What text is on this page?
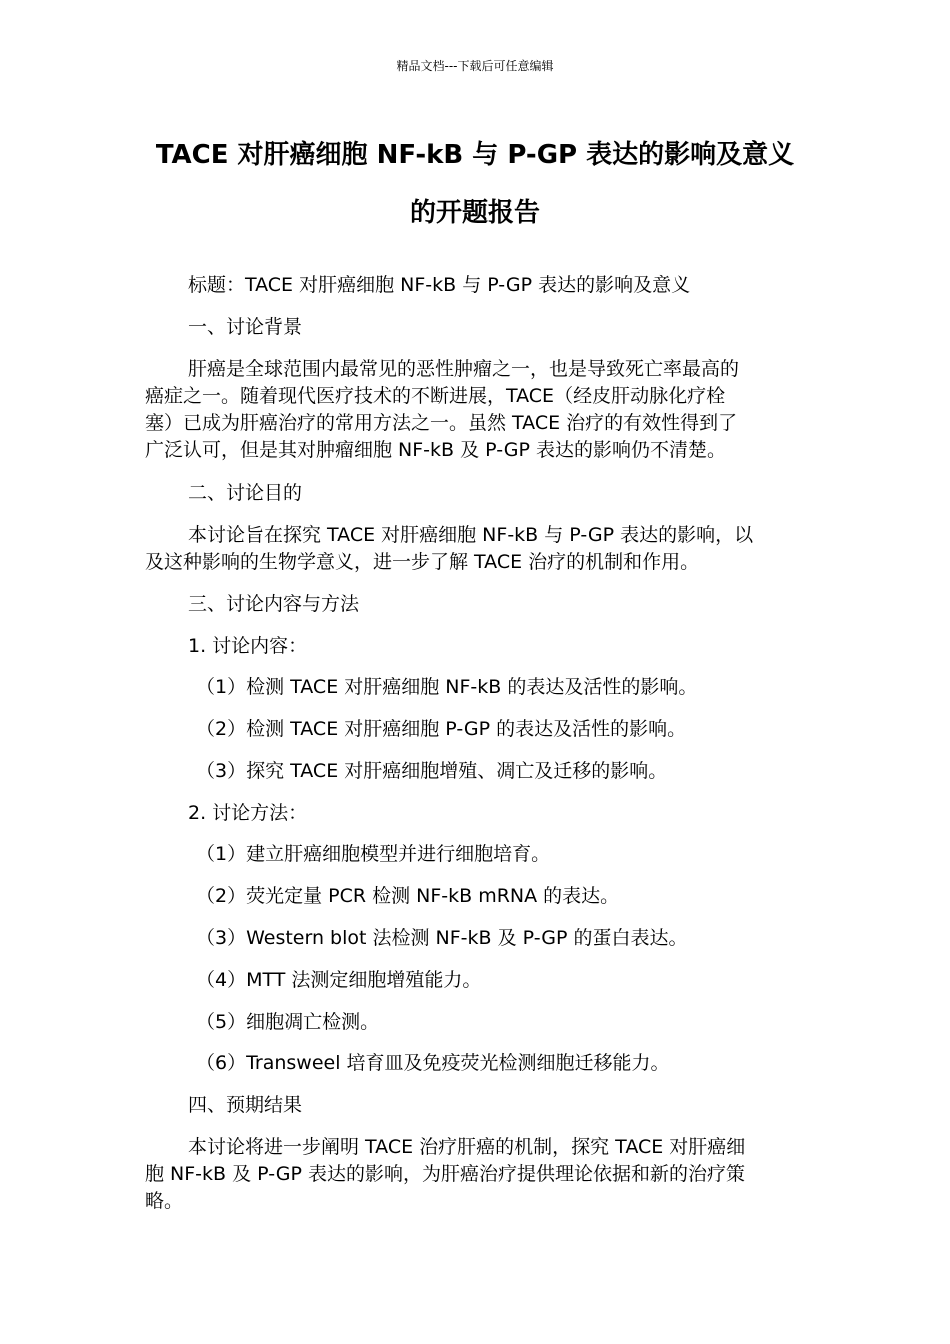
精品文档---下载后可任意编辑
TACE 对肝癌细胞 NF-kB 与 P-GP 表达的影响及意义
的开题报告
标题：TACE 对肝癌细胞 NF-kB 与 P-GP 表达的影响及意义
一、讨论背景
肝癌是全球范围内最常见的恶性肿瘤之一，也是导致死亡率最高的
癌症之一。随着现代医疗技术的不断进展，TACE（经皮肝动脉化疗栓
塞）已成为肝癌治疗的常用方法之一。虽然 TACE 治疗的有效性得到了
广泛认可，但是其对肿瘤细胞 NF-kB 及 P-GP 表达的影响仍不清楚。
二、讨论目的
本讨论旨在探究 TACE 对肝癌细胞 NF-kB 与 P-GP 表达的影响，以
及这种影响的生物学意义，进一步了解 TACE 治疗的机制和作用。
三、讨论内容与方法
1. 讨论内容：
（1）检测 TACE 对肝癌细胞 NF-kB 的表达及活性的影响。
（2）检测 TACE 对肝癌细胞 P-GP 的表达及活性的影响。
（3）探究 TACE 对肝癌细胞增殖、凋亡及迁移的影响。
2. 讨论方法：
（1）建立肝癌细胞模型并进行细胞培育。
（2）荧光定量 PCR 检测 NF-kB mRNA 的表达。
（3）Western blot 法检测 NF-kB 及 P-GP 的蛋白表达。
（4）MTT 法测定细胞增殖能力。
（5）细胞凋亡检测。
（6）Transweel 培育皿及免疫荧光检测细胞迁移能力。
四、预期结果
本讨论将进一步阐明 TACE 治疗肝癌的机制，探究 TACE 对肝癌细
胞 NF-kB 及 P-GP 表达的影响，为肝癌治疗提供理论依据和新的治疗策
略。
